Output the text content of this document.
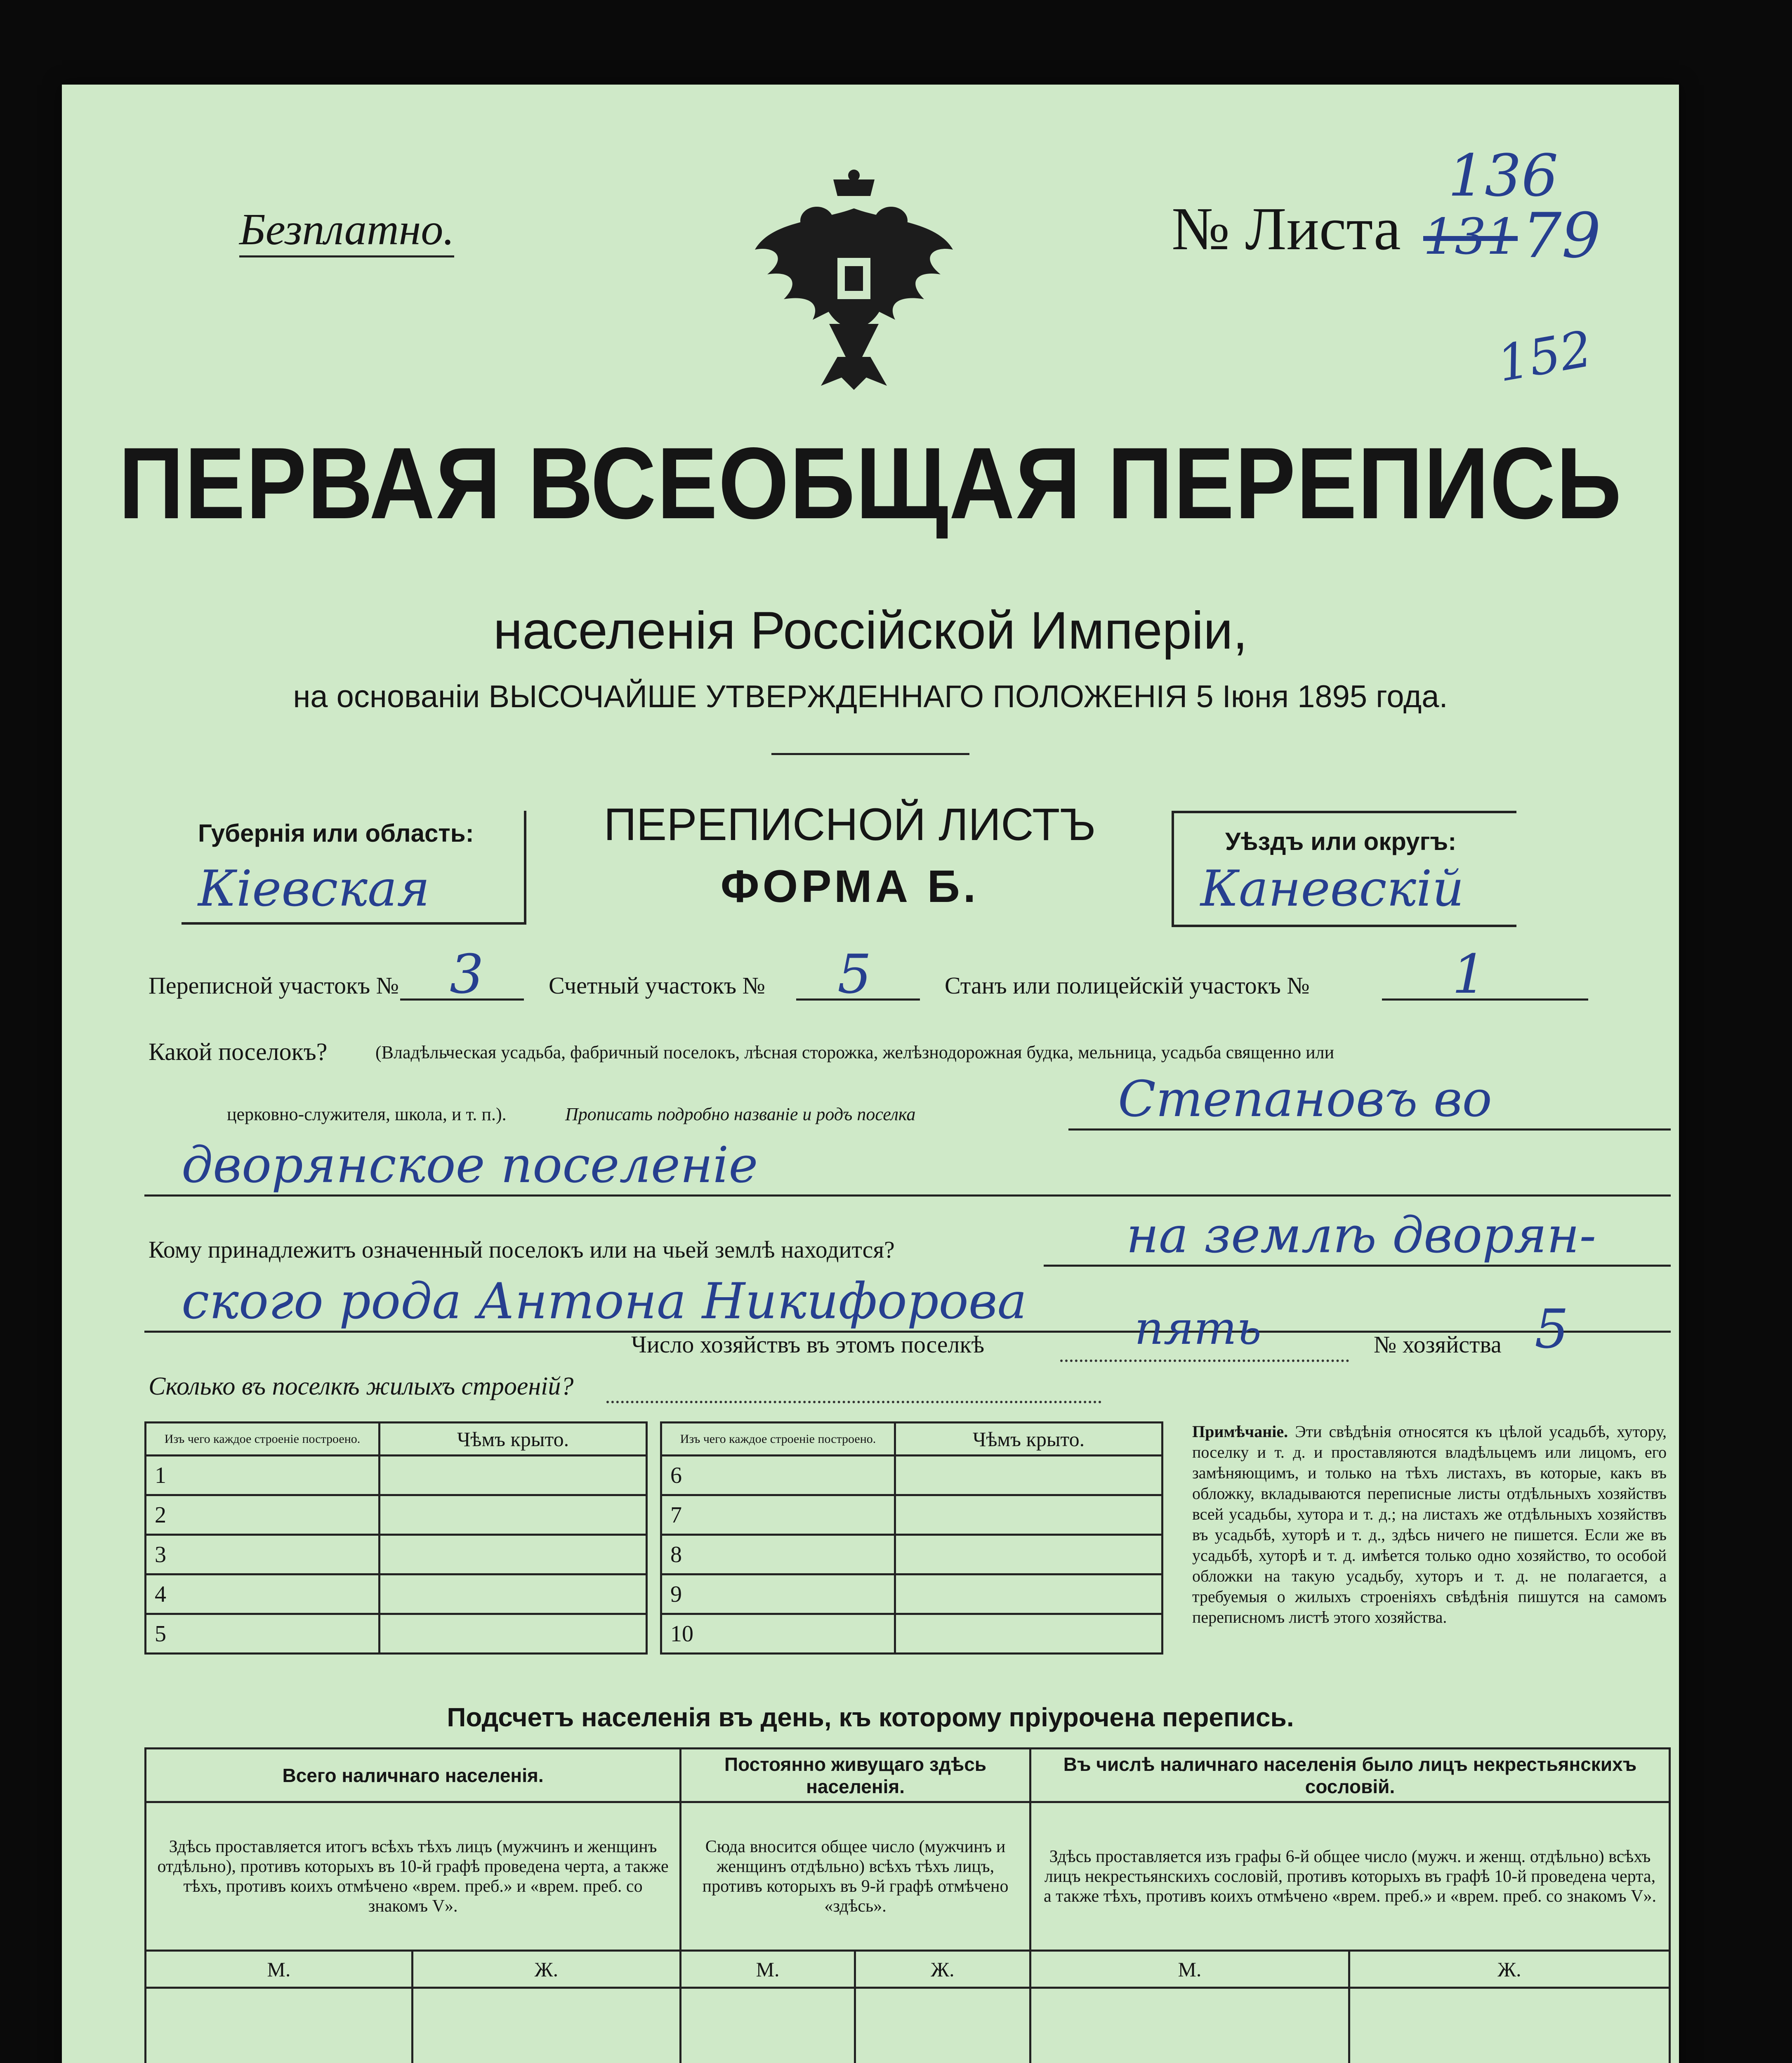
Безплатно.	№ Листа
136
131 79
152
ПЕРВАЯ ВСЕОБЩАЯ ПЕРЕПИСЬ
населенія Россійской Имперіи,
на основаніи ВЫСОЧАЙШЕ УТВЕРЖДЕННАГО ПОЛОЖЕНІЯ 5 Іюня 1895 года.
Губернія или область:
Кіевская
ПЕРЕПИСНОЙ ЛИСТЪ
ФОРМА Б.
Уѣздъ или округъ:
Каневскій
Переписной участокъ № 3	Счетный участокъ № 5	Станъ или полицейскій участокъ №	1
Какой поселокъ?	(Владѣльческая усадьба, фабричный поселокъ, лѣсная сторожка, желѣзнодорожная будка, мельница, усадьба священно или
церковно-служителя, школа, и т. п.).	Прописать подробно названіе и родъ поселка	Степановъ во
дворянское поселеніе
Кому принадлежитъ означенный поселокъ или на чьей землѣ находится?	на землѣ дворян-
ского рода Антона Никифорова
Число хозяйствъ въ этомъ поселкѣ	пять	№ хозяйства 5
Сколько въ поселкѣ жилыхъ строеній?
Изъ чего каждое строеніе построено.	Чѣмъ крыто.
1	
2	
3	
4	
5	
Изъ чего каждое строеніе построено.	Чѣмъ крыто.
6	
7	
8	
9	
10	
Примѣчаніе. Эти свѣдѣнія относятся къ цѣлой усадьбѣ, хутору, поселку и т. д. и проставляются владѣльцемъ или лицомъ, его замѣняющимъ, и только на тѣхъ листахъ, въ которые, какъ въ обложку, вкладываются переписные листы отдѣльныхъ хозяйствъ всей усадьбы, хутора и т. д.; на листахъ же отдѣльныхъ хозяйствъ въ усадьбѣ, хуторѣ и т. д., здѣсь ничего не пишется. Если же въ усадьбѣ, хуторѣ и т. д. имѣется только одно хозяйство, то особой обложки на такую усадьбу, хуторъ и т. д. не полагается, а требуемыя о жилыхъ строеніяхъ свѣдѣнія пишутся на самомъ переписномъ листѣ этого хозяйства.
Подсчетъ населенія въ день, къ которому пріурочена перепись.
Всего наличнаго населенія.		Постоянно живущаго здѣсь населенія.		Въ числѣ наличнаго населенія было лицъ некрестьянскихъ сословій.	
Здѣсь проставляется итогъ всѣхъ тѣхъ лицъ (мужчинъ и женщинъ отдѣльно), противъ которыхъ въ 10-й графѣ проведена черта, а также тѣхъ, противъ коихъ отмѣчено «врем. преб.» и «врем. преб. со знакомъ V».		Сюда вносится общее число (мужчинъ и женщинъ отдѣльно) всѣхъ тѣхъ лицъ, противъ которыхъ въ 9-й графѣ отмѣчено «здѣсь».		Здѣсь проставляется изъ графы 6-й общее число (мужч. и женщ. отдѣльно) всѣхъ лицъ некрестьянскихъ сословій, противъ которыхъ въ графѣ 10-й проведена черта, а также тѣхъ, противъ коихъ отмѣчено «врем. преб.» и «врем. преб. со знакомъ V».	
М.	Ж.	М.	Ж.	М.	Ж.
